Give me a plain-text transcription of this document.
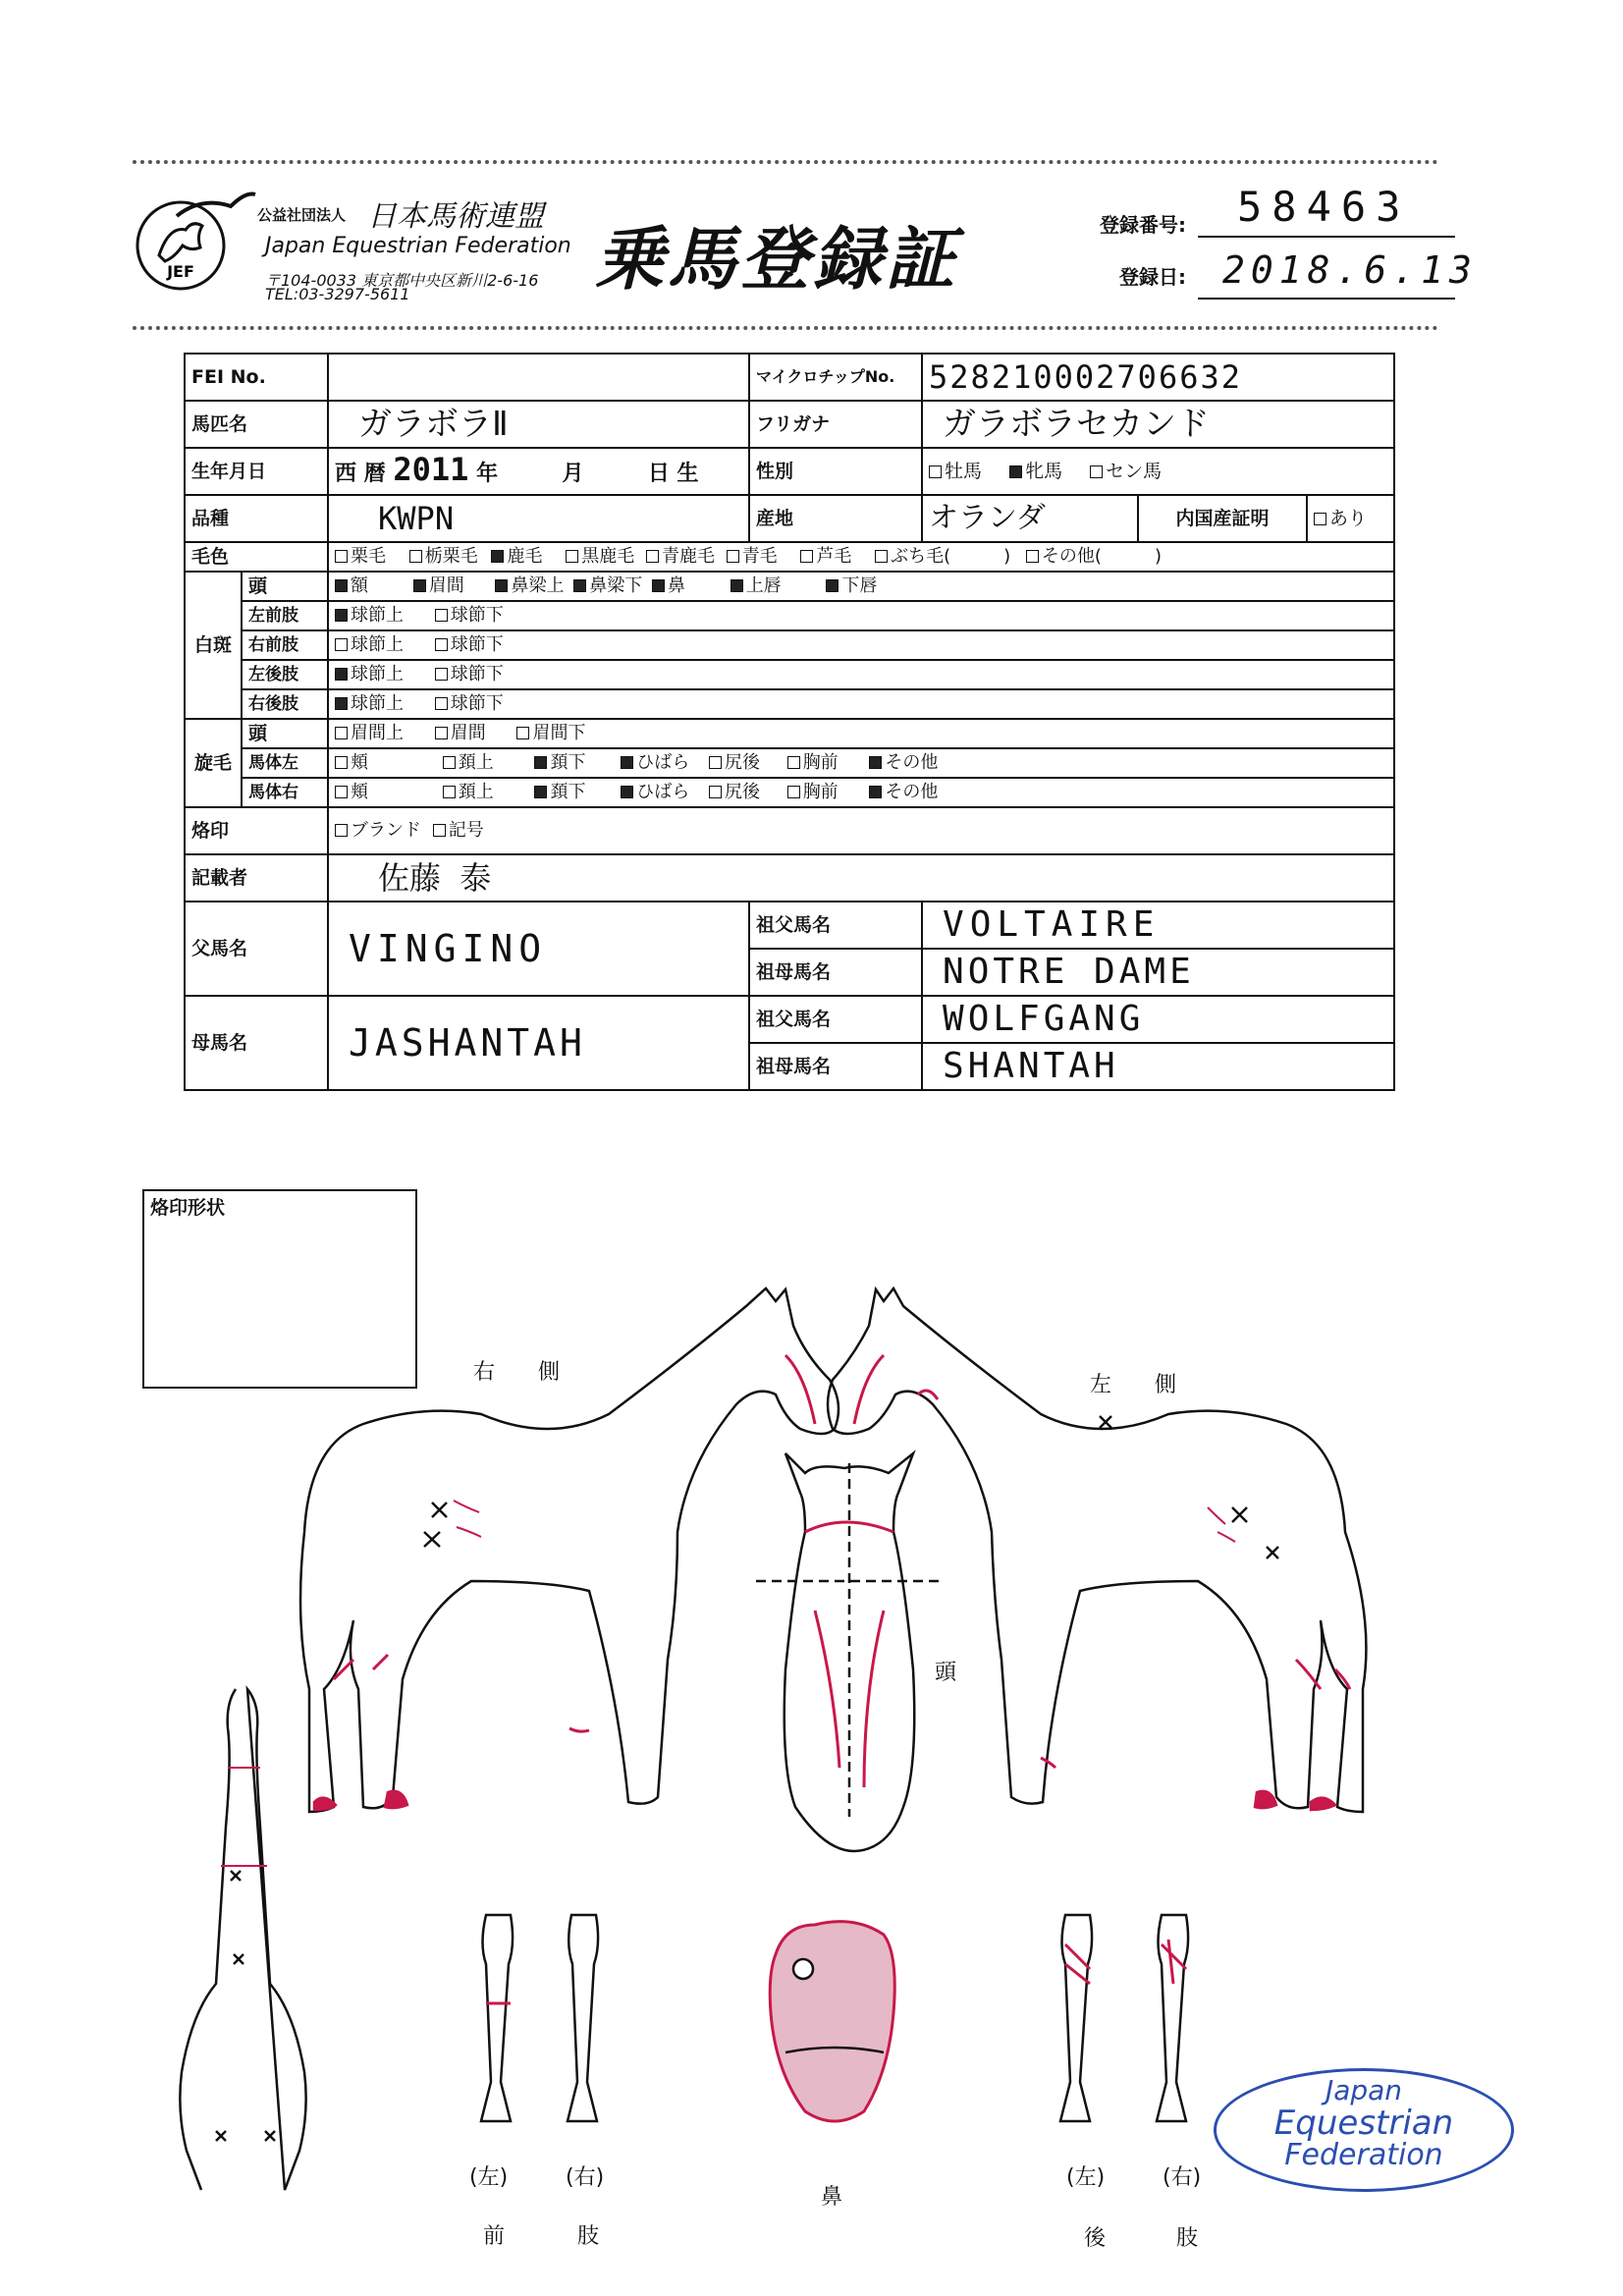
JEF
公益社団法人 日本馬術連盟
Japan Equestrian Federation
〒104-0033 東京都中央区新川2-6-16
TEL:03-3297-5611	乗馬登録証	登録番号: 58463
登録日: 2018.6.13
FEI No.			マイクロチップNo.	528210002706632		
馬匹名		ガラボラⅡ	フリガナ	ガラボラセカンド		
生年月日		西 暦 2011 年 月 日 生	性別	牡馬 牝馬 セン馬		
品種		KWPN	産地	オランダ	内国産証明	あり
毛色		栗毛 栃栗毛 鹿毛 黒鹿毛 青鹿毛 青毛 芦毛 ぶち毛(　　　) その他(　　　)				
白斑	頭	額 眉間 鼻梁上 鼻梁下 鼻 上唇 下唇				
	左前肢	球節上 球節下				
	右前肢	球節上 球節下				
	左後肢	球節上 球節下				
	右後肢	球節上 球節下				
旋毛	頭	眉間上 眉間 眉間下				
	馬体左	頬 頚上 頚下 ひばら 尻後 胸前 その他				
	馬体右	頬 頚上 頚下 ひばら 尻後 胸前 その他				
烙印		ブランド 記号				
記載者		佐藤 泰				
父馬名		VINGINO	祖父馬名	VOLTAIRE		
			祖母馬名	NOTRE DAME		
母馬名		JASHANTAH	祖父馬名	WOLFGANG		
			祖母馬名	SHANTAH		
烙印形状
右　　側
左　　側
頭
(左)	(右)
前	肢
鼻
(左)	(右)
後	肢
Japan
Equestrian
Federation
